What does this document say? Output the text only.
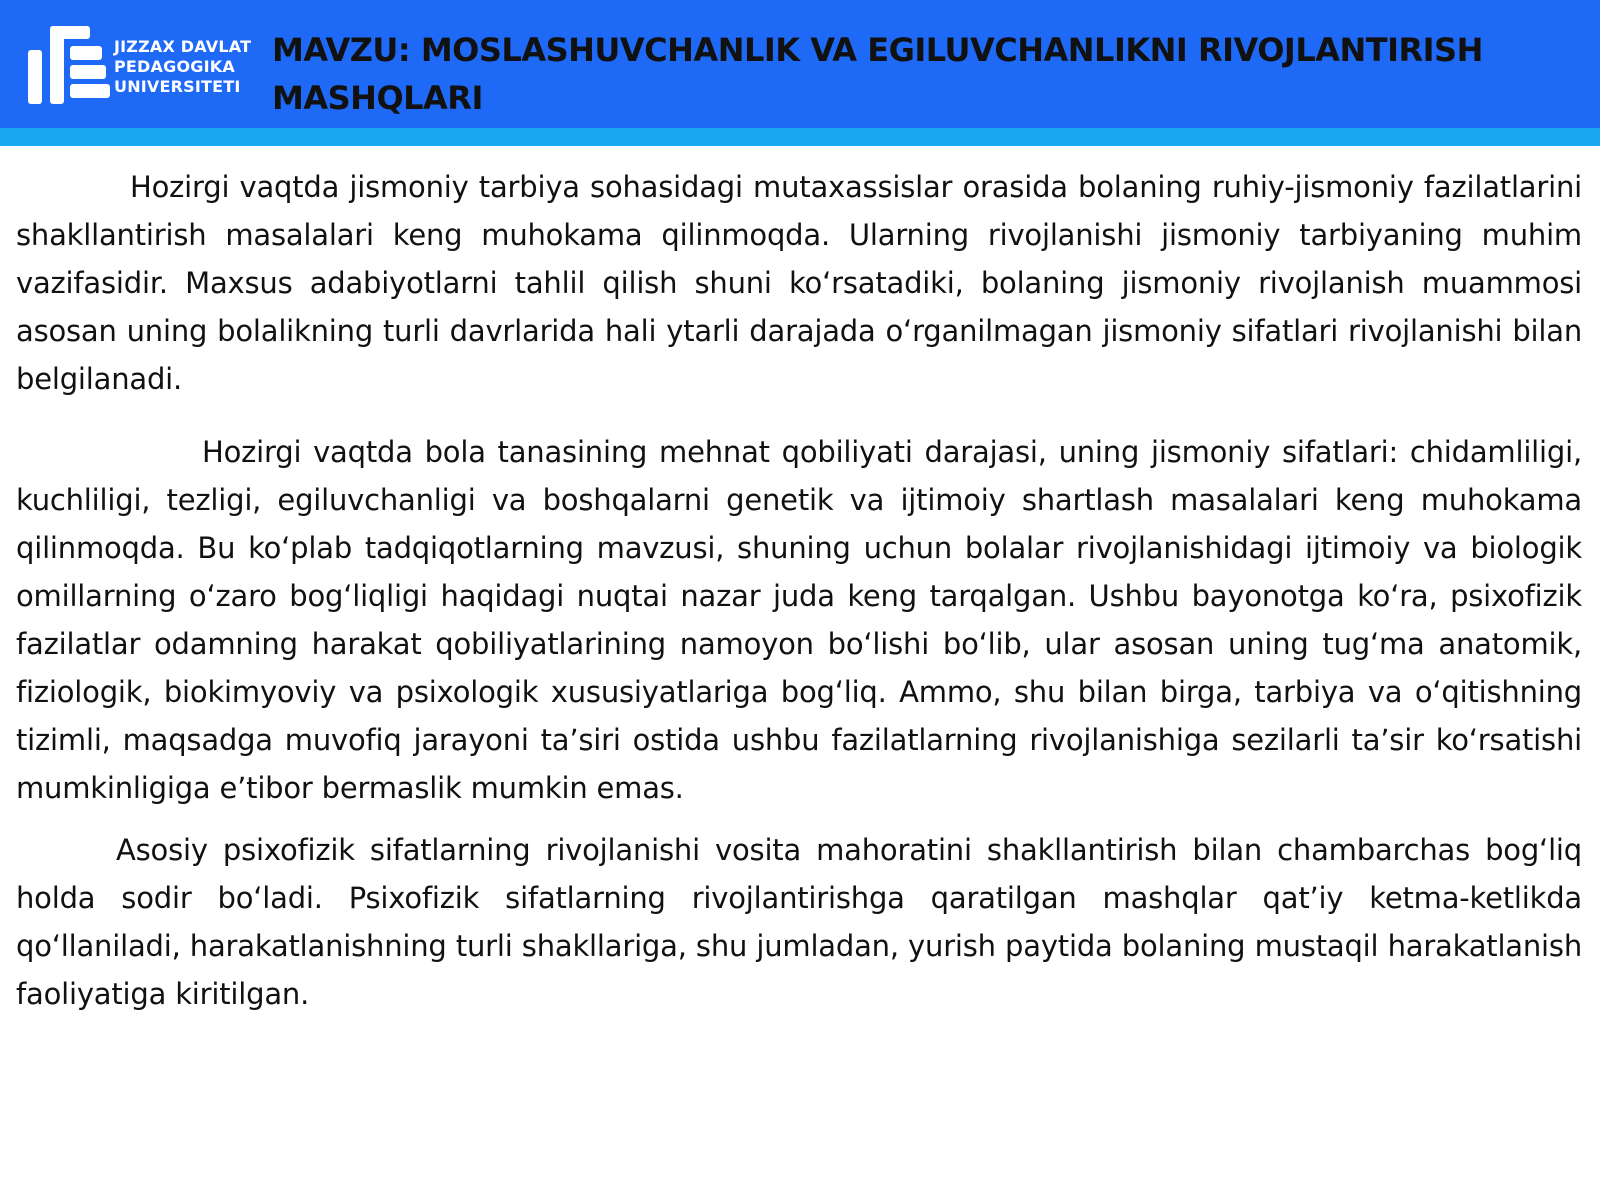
JIZZAX DAVLAT
PEDAGOGIKA
UNIVERSITETI
MAVZU: MOSLASHUVCHANLIK VA EGILUVCHANLIKNI RIVOJLANTIRISH MASHQLARI

Hozirgi vaqtda jismoniy tarbiya sohasidagi mutaxassislar orasida bolaning ruhiy-jismoniy fazilatlarini shakllantirish masalalari keng muhokama qilinmoqda. Ularning rivojlanishi jismoniy tarbiyaning muhim vazifasidir. Maxsus adabiyotlarni tahlil qilish shuni ko‘rsatadiki, bolaning jismoniy rivojlanish muammosi asosan uning bolalikning turli davrlarida hali ytarli darajada o‘rganilmagan jismoniy sifatlari rivojlanishi bilan belgilanadi.

Hozirgi vaqtda bola tanasining mehnat qobiliyati darajasi, uning jismoniy sifatlari: chidamliligi, kuchliligi, tezligi, egiluvchanligi va boshqalarni genetik va ijtimoiy shartlash masalalari keng muhokama qilinmoqda. Bu ko‘plab tadqiqotlarning mavzusi, shuning uchun bolalar rivojlanishidagi ijtimoiy va biologik omillarning o‘zaro bog‘liqligi haqidagi nuqtai nazar juda keng tarqalgan. Ushbu bayonotga ko‘ra, psixofizik fazilatlar odamning harakat qobiliyatlarining namoyon bo‘lishi bo‘lib, ular asosan uning tug‘ma anatomik, fiziologik, biokimyoviy va psixologik xususiyatlariga bog‘liq. Ammo, shu bilan birga, tarbiya va o‘qitishning tizimli, maqsadga muvofiq jarayoni ta’siri ostida ushbu fazilatlarning rivojlanishiga sezilarli ta’sir ko‘rsatishi mumkinligiga e’tibor bermaslik mumkin emas.

Asosiy psixofizik sifatlarning rivojlanishi vosita mahoratini shakllantirish bilan chambarchas bog‘liq holda sodir bo‘ladi. Psixofizik sifatlarning rivojlantirishga qaratilgan mashqlar qat’iy ketma-ketlikda qo‘llaniladi, harakatlanishning turli shakllariga, shu jumladan, yurish paytida bolaning mustaqil harakatlanish faoliyatiga kiritilgan.
